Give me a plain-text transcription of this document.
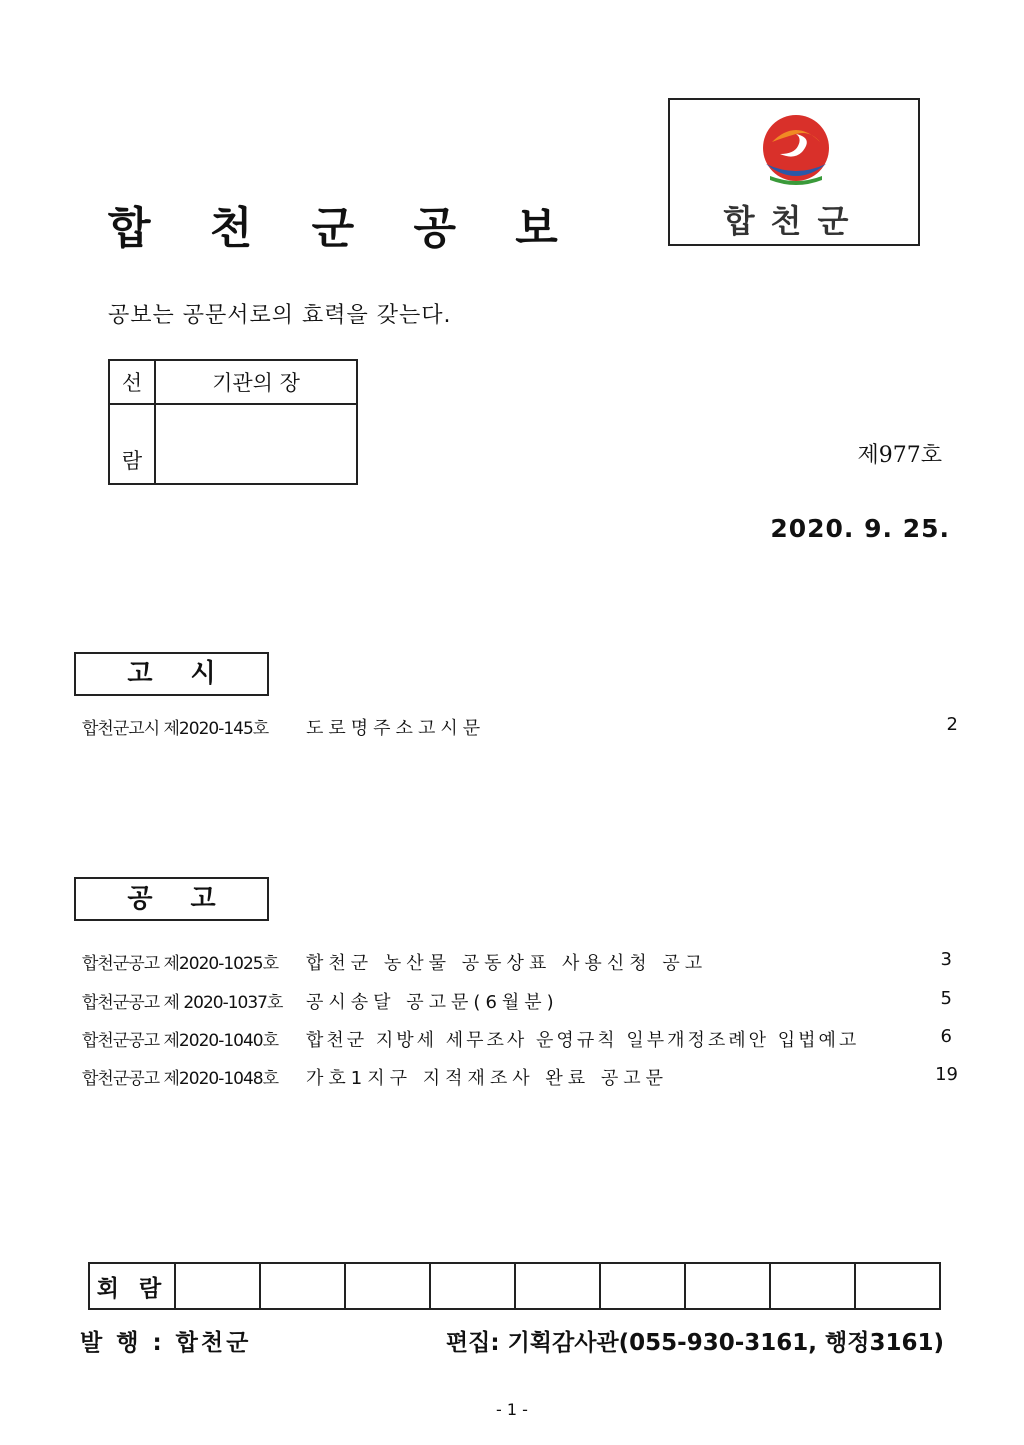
합 천 군 공 보	합천군
공보는 공문서로의 효력을 갖는다.
선	기관의 장
람		제977호
2020. 9. 25.
고시
합천군고시 제2020-145호 도로명주소고시문	2
공고
합천군공고 제2020-1025호 합천군 농산물 공동상표 사용신청 공고	3
합천군공고 제 2020-1037호 공시송달 공고문(6월분)	5
합천군공고 제2020-1040호 합천군 지방세 세무조사 운영규칙 일부개정조례안 입법예고	6
합천군공고 제2020-1048호 가호1지구 지적재조사 완료 공고문	19
회 람									
발 행 : 합천군	편집: 기획감사관(055-930-3161, 행정3161)
- 1 -
